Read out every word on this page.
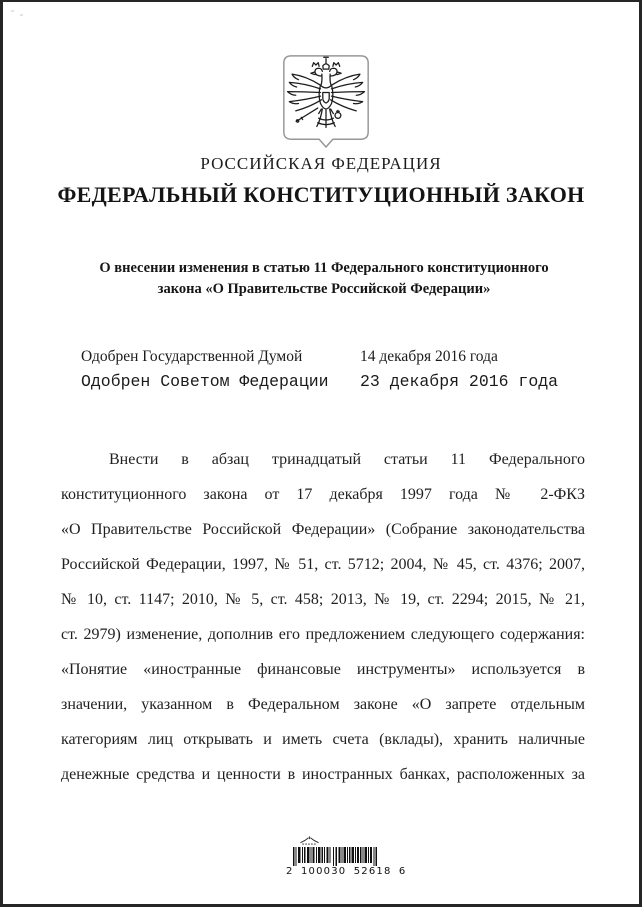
РОССИЙСКАЯ ФЕДЕРАЦИЯ
ФЕДЕРАЛЬНЫЙ КОНСТИТУЦИОННЫЙ ЗАКОН
О внесении изменения в статью 11 Федерального конституционного
закона «О Правительстве Российской Федерации»
Одобрен Государственной Думой	14 декабря 2016 года
Одобрен Советом Федерации 23 декабря 2016 года
Внести в абзац тринадцатый статьи 11 Федерального
конституционного закона от 17 декабря 1997 года № 2-ФКЗ
«О Правительстве Российской Федерации» (Собрание законодательства
Российской Федерации, 1997, № 51, ст. 5712; 2004, № 45, ст. 4376; 2007,
№ 10, ст. 1147; 2010, № 5, ст. 458; 2013, № 19, ст. 2294; 2015, № 21,
ст. 2979) изменение, дополнив его предложением следующего содержания:
«Понятие «иностранные финансовые инструменты» используется в
значении, указанном в Федеральном законе «О запрете отдельным
категориям лиц открывать и иметь счета (вклады), хранить наличные
денежные средства и ценности в иностранных банках, расположенных за
2 100030 52618 6
